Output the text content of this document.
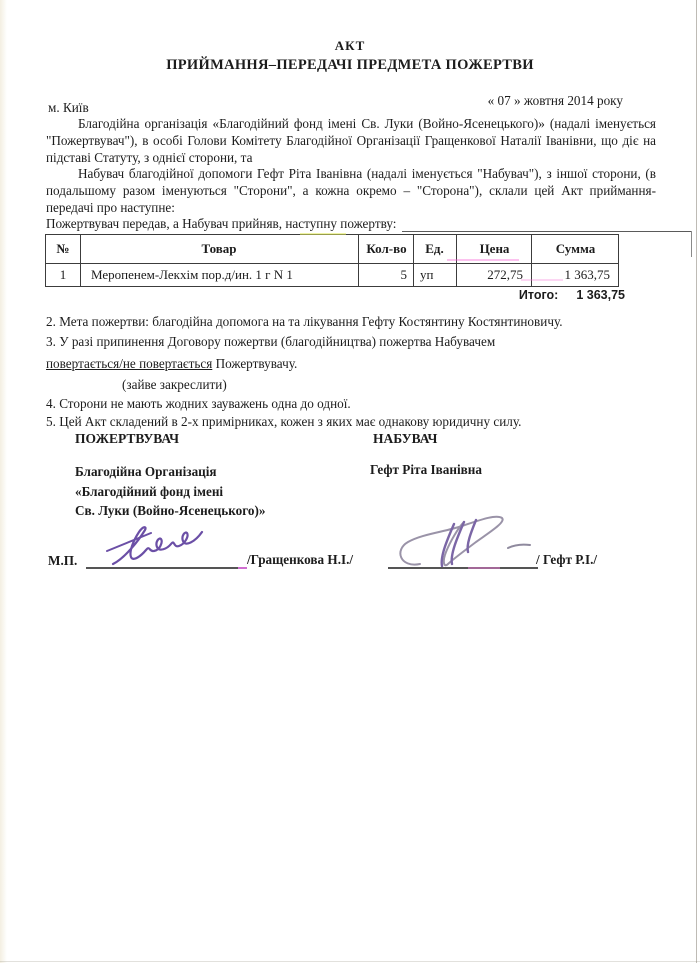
АКТ
ПРИЙМАННЯ–ПЕРЕДАЧІ ПРЕДМЕТА ПОЖЕРТВИ
м. Київ	« 07 » жовтня 2014 року
Благодійна організація «Благодійний фонд імені Св. Луки (Войно-Ясенецького)» (надалі іменується "Пожертвувач"), в особі Голови Комітету Благодійної Організації Гращенкової Наталії Іванівни, що діє на підставі Статуту, з однієї сторони, та
Набувач благодійної допомоги Гефт Ріта Іванівна (надалі іменується "Набувач"), з іншої сторони, (в подальшому разом іменуються "Сторони", а кожна окремо – "Сторона"), склали цей Акт приймання-передачі про наступне:
Пожертвувач передав, а Набувач прийняв, наступну пожертву:
№	Товар	Кол-во	Ед.	Цена	Сумма
1	Меропенем-Лекхім пор.д/ин. 1 г N 1	5	уп	272,75	1 363,75
Итого: 1 363,75
2. Мета пожертви: благодійна допомога на та лікування Гефту Костянтину Костянтиновичу.
3. У разі припинення Договору пожертви (благодійництва) пожертва Набувачем
повертається/не повертається Пожертвувачу.
(зайве закреслити)
4. Сторони не мають жодних зауважень одна до одної.
5. Цей Акт складений в 2-х примірниках, кожен з яких має однакову юридичну силу.
ПОЖЕРТВУВАЧ	НАБУВАЧ
Благодійна Організація
«Благодійний фонд імені
Св. Луки (Войно-Ясенецького)»
Гефт Ріта Іванівна
М.П.	/Гращенкова Н.І./	/ Гефт Р.І./
